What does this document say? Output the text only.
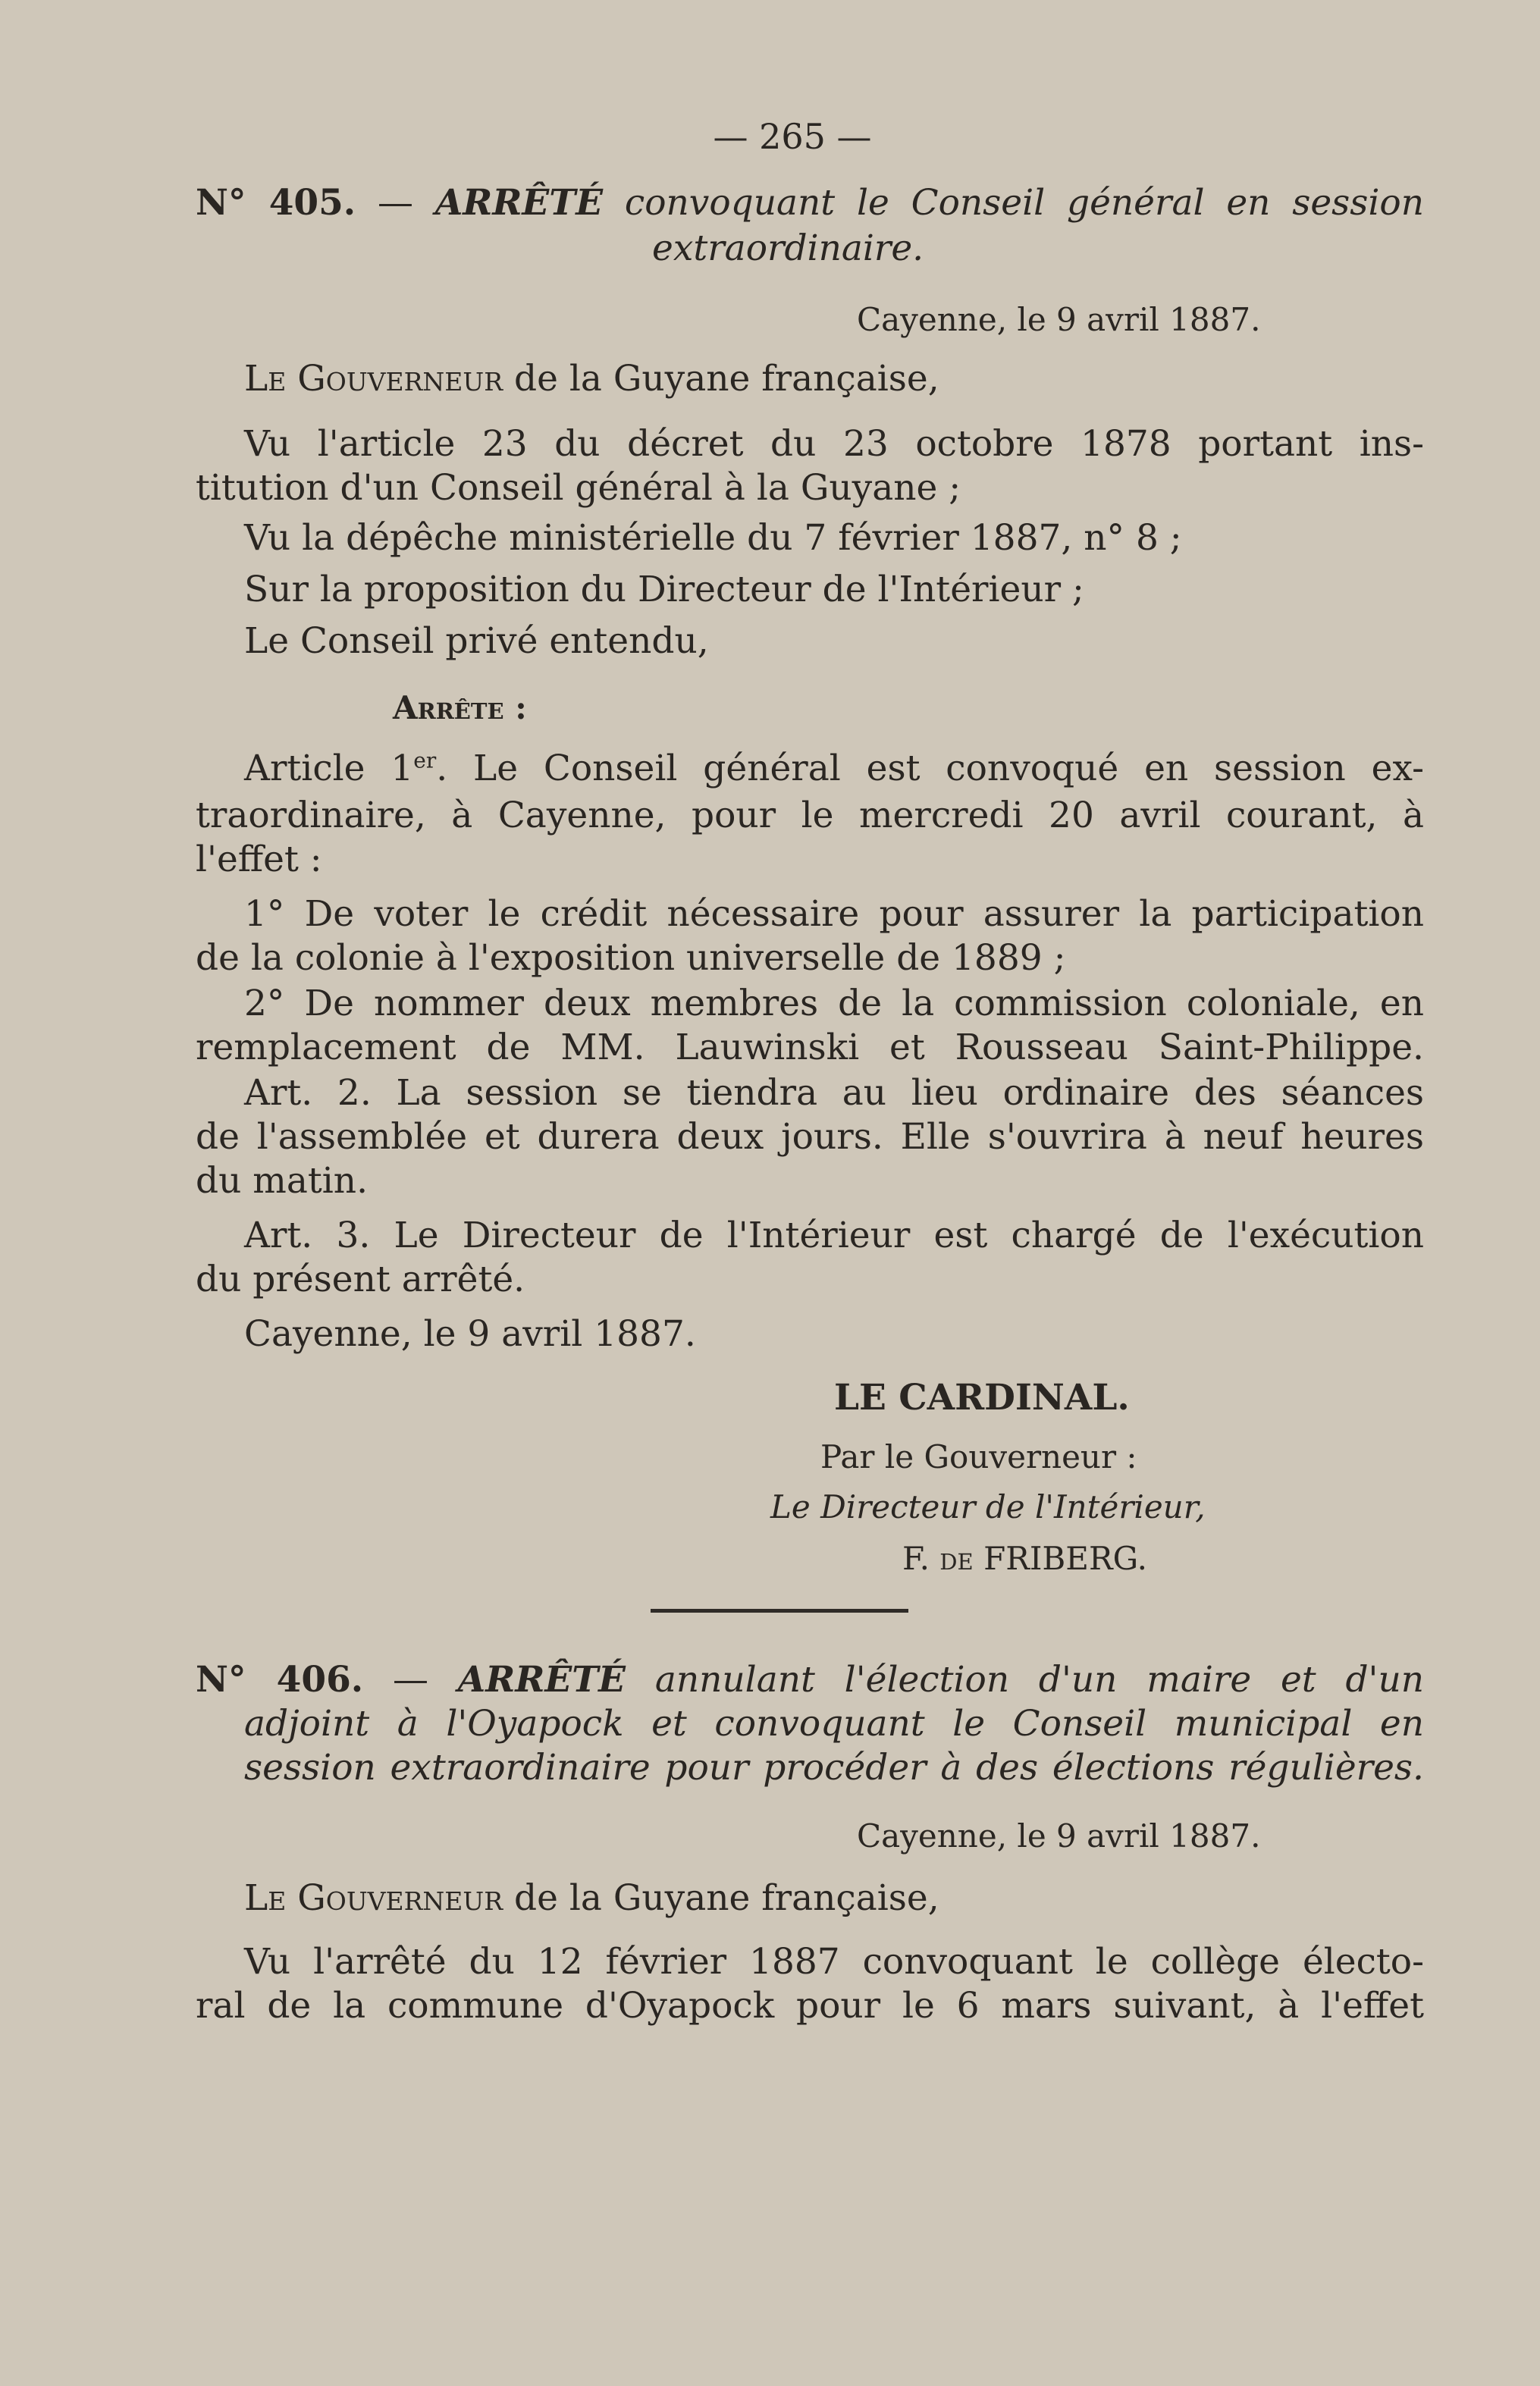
— 265 —
N° 405. — ARRÊTÉ convoquant le Conseil général en session
extraordinaire.
Cayenne, le 9 avril 1887.
Le Gouverneur de la Guyane française,
Vu l'article 23 du décret du 23 octobre 1878 portant ins-
titution d'un Conseil général à la Guyane ;
Vu la dépêche ministérielle du 7 février 1887, n° 8 ;
Sur la proposition du Directeur de l'Intérieur ;
Le Conseil privé entendu,
Arrête :
Article 1er. Le Conseil général est convoqué en session ex-
traordinaire, à Cayenne, pour le mercredi 20 avril courant, à
l'effet :
1° De voter le crédit nécessaire pour assurer la participation
de la colonie à l'exposition universelle de 1889 ;
2° De nommer deux membres de la commission coloniale, en
remplacement de MM. Lauwinski et Rousseau Saint-Philippe.
Art. 2. La session se tiendra au lieu ordinaire des séances
de l'assemblée et durera deux jours. Elle s'ouvrira à neuf heures
du matin.
Art. 3. Le Directeur de l'Intérieur est chargé de l'exécution
du présent arrêté.
Cayenne, le 9 avril 1887.
LE CARDINAL.
Par le Gouverneur :
Le Directeur de l'Intérieur,
F. de FRIBERG.
N° 406. — ARRÊTÉ annulant l'élection d'un maire et d'un
adjoint à l'Oyapock et convoquant le Conseil municipal en
session extraordinaire pour procéder à des élections régulières.
Cayenne, le 9 avril 1887.
Le Gouverneur de la Guyane française,
Vu l'arrêté du 12 février 1887 convoquant le collège électo-
ral de la commune d'Oyapock pour le 6 mars suivant, à l'effet
